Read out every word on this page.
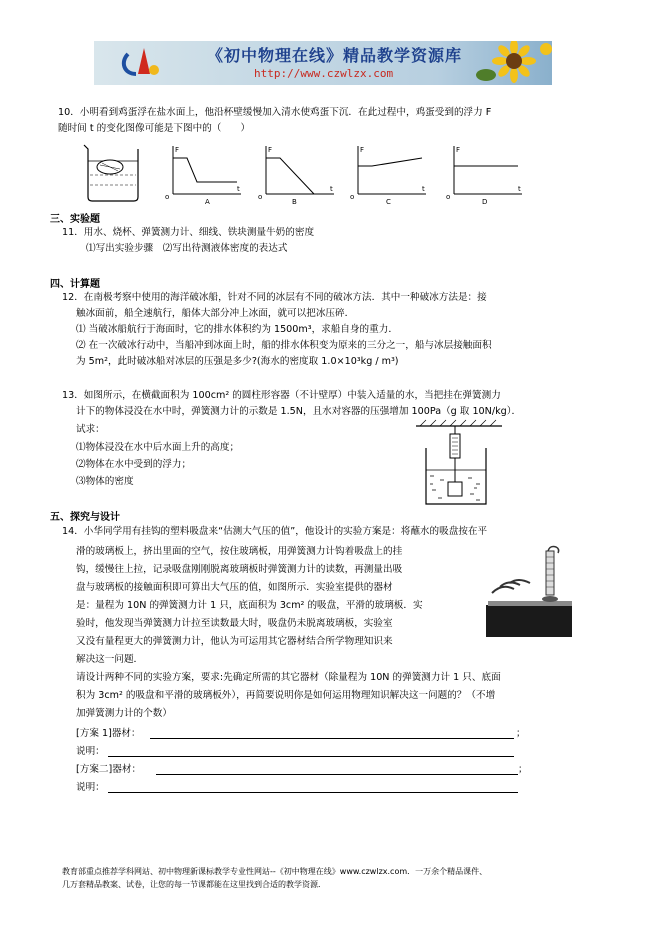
《初中物理在线》精品教学资源库
http://www.czwlzx.com
10．小明看到鸡蛋浮在盐水面上，他沿杯壁缓慢加入清水使鸡蛋下沉．在此过程中，鸡蛋受到的浮力 F
随时间 t 的变化图像可能是下图中的（　　）
F
t
o
A
F
t
o
B
F
t
o
C
F
t
o
D
三、实验题
11．用水、烧杯、弹簧测力计、细线、铁块测量牛奶的密度
⑴写出实验步骤　⑵写出待测液体密度的表达式
四、计算题
12．在南极考察中使用的海洋破冰船，针对不同的冰层有不同的破冰方法．其中一种破冰方法是：接
触冰面前，船全速航行，船体大部分冲上冰面，就可以把冰压碎．
⑴ 当破冰船航行于海面时，它的排水体积约为 1500m³，求船自身的重力．
⑵ 在一次破冰行动中，当船冲到冰面上时，船的排水体积变为原来的三分之一，船与冰层接触面积
为 5m²，此时破冰船对冰层的压强是多少?(海水的密度取 1.0×10³kg / m³)
13．如图所示，在横截面积为 100cm² 的圆柱形容器（不计壁厚）中装入适量的水，当把挂在弹簧测力
计下的物体浸没在水中时，弹簧测力计的示数是 1.5N，且水对容器的压强增加 100Pa（g 取 10N/kg）．
试求：
⑴物体浸没在水中后水面上升的高度；
⑵物体在水中受到的浮力；
⑶物体的密度
五、探究与设计
14．小华同学用有挂钩的塑料吸盘来“估测大气压的值”，他设计的实验方案是：将蘸水的吸盘按在平
滑的玻璃板上，挤出里面的空气，按住玻璃板，用弹簧测力计钩着吸盘上的挂
钩，缓慢往上拉，记录吸盘刚刚脱离玻璃板时弹簧测力计的读数，再测量出吸
盘与玻璃板的接触面积即可算出大气压的值，如图所示．实验室提供的器材
是：量程为 10N 的弹簧测力计 1 只，底面积为 3cm² 的吸盘，平滑的玻璃板．实
验时，他发现当弹簧测力计拉至读数最大时，吸盘仍未脱离玻璃板，实验室
又没有量程更大的弹簧测力计，他认为可运用其它器材结合所学物理知识来
解决这一问题．
请设计两种不同的实验方案，要求:先确定所需的其它器材（除量程为 10N 的弹簧测力计 1 只、底面
积为 3cm² 的吸盘和平滑的玻璃板外），再简要说明你是如何运用物理知识解决这一问题的？（不增
加弹簧测力计的个数）
[方案 1]器材：	；
说明：
[方案二]器材：	；
说明：
教育部重点推荐学科网站、初中物理新课标教学专业性网站--《初中物理在线》www.czwlzx.com．一万余个精品课件、
几万套精品教案、试卷，让您的每一节课都能在这里找到合适的教学资源．
